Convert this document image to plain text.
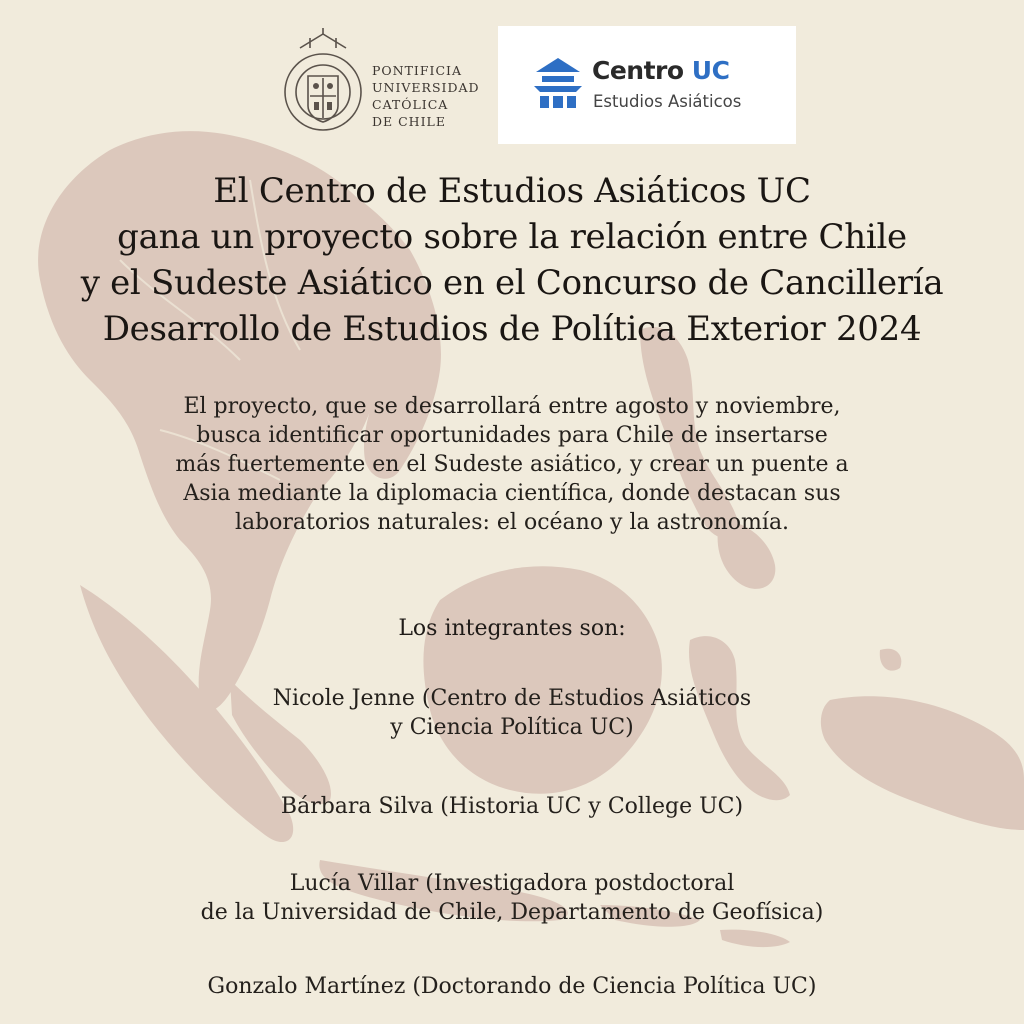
PONTIFICIA
UNIVERSIDAD
CATÓLICA
DE CHILE
Centro UC
Estudios Asiáticos
El Centro de Estudios Asiáticos UC
gana un proyecto sobre la relación entre Chile
y el Sudeste Asiático en el Concurso de Cancillería
Desarrollo de Estudios de Política Exterior 2024
El proyecto, que se desarrollará entre agosto y noviembre,
busca identificar oportunidades para Chile de insertarse
más fuertemente en el Sudeste asiático, y crear un puente a
Asia mediante la diplomacia científica, donde destacan sus
laboratorios naturales: el océano y la astronomía.
Los integrantes son:
Nicole Jenne (Centro de Estudios Asiáticos
y Ciencia Política UC)
Bárbara Silva (Historia UC y College UC)
Lucía Villar (Investigadora postdoctoral
de la Universidad de Chile, Departamento de Geofísica)
Gonzalo Martínez (Doctorando de Ciencia Política UC)
